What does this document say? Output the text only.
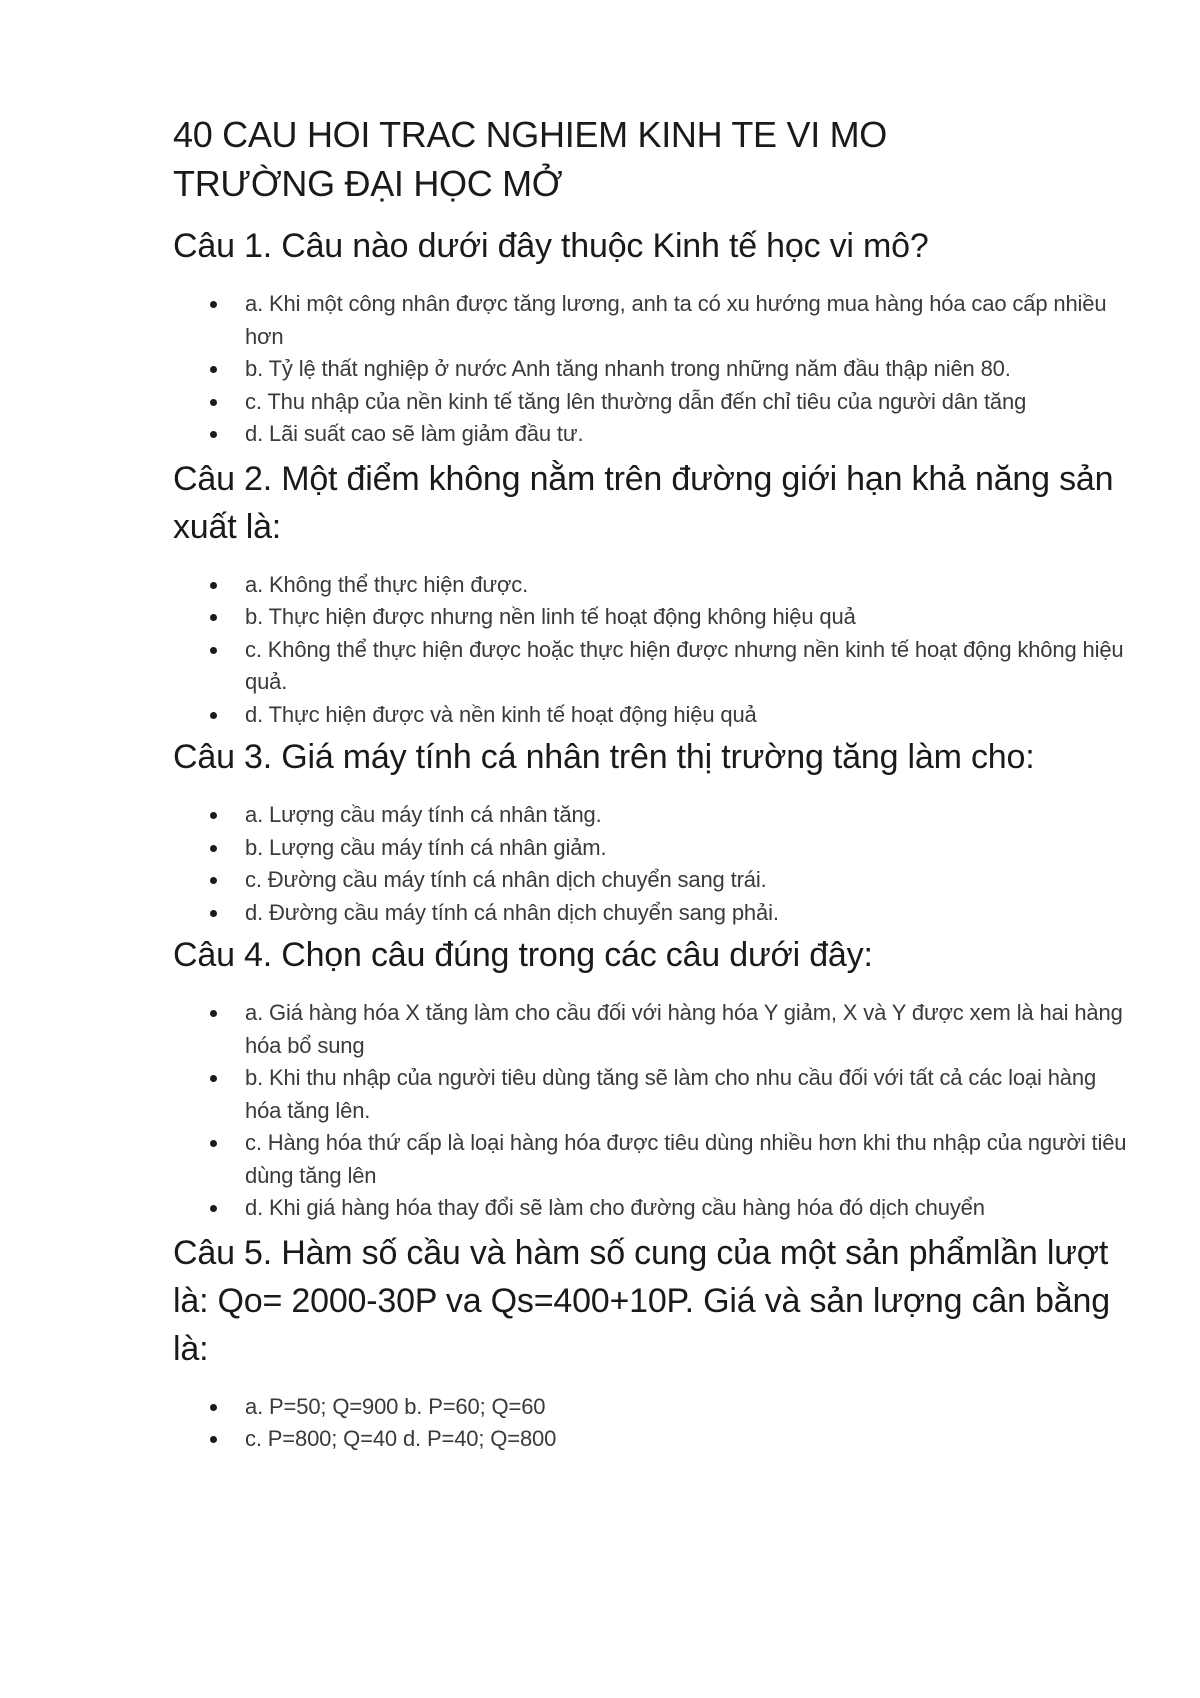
40 CAU HOI TRAC NGHIEM KINH TE VI MO
TRƯỜNG ĐẠI HỌC MỞ
Câu 1. Câu nào dưới đây thuộc Kinh tế học vi mô?
a. Khi một công nhân được tăng lương, anh ta có xu hướng mua hàng hóa cao cấp nhiều hơn
b. Tỷ lệ thất nghiệp ở nước Anh tăng nhanh trong những năm đầu thập niên 80.
c. Thu nhập của nền kinh tế tăng lên thường dẫn đến chỉ tiêu của người dân tăng
d. Lãi suất cao sẽ làm giảm đầu tư.
Câu 2. Một điểm không nằm trên đường giới hạn khả năng sản xuất là:
a. Không thể thực hiện được.
b. Thực hiện được nhưng nền linh tế hoạt động không hiệu quả
c. Không thể thực hiện được hoặc thực hiện được nhưng nền kinh tế hoạt động không hiệu quả.
d. Thực hiện được và nền kinh tế hoạt động hiệu quả
Câu 3. Giá máy tính cá nhân trên thị trường tăng làm cho:
a. Lượng cầu máy tính cá nhân tăng.
b. Lượng cầu máy tính cá nhân giảm.
c. Đường cầu máy tính cá nhân dịch chuyển sang trái.
d. Đường cầu máy tính cá nhân dịch chuyển sang phải.
Câu 4. Chọn câu đúng trong các câu dưới đây:
a. Giá hàng hóa X tăng làm cho cầu đối với hàng hóa Y giảm, X và Y được xem là hai hàng hóa bổ sung
b. Khi thu nhập của người tiêu dùng tăng sẽ làm cho nhu cầu đối với tất cả các loại hàng hóa tăng lên.
c. Hàng hóa thứ cấp là loại hàng hóa được tiêu dùng nhiều hơn khi thu nhập của người tiêu dùng tăng lên
d. Khi giá hàng hóa thay đổi sẽ làm cho đường cầu hàng hóa đó dịch chuyển
Câu 5. Hàm số cầu và hàm số cung của một sản phẩmlần lượt là: Qo= 2000-30P va Qs=400+10P. Giá và sản lượng cân bằng là:
a. P=50; Q=900 b. P=60; Q=60
c. P=800; Q=40 d. P=40; Q=800
